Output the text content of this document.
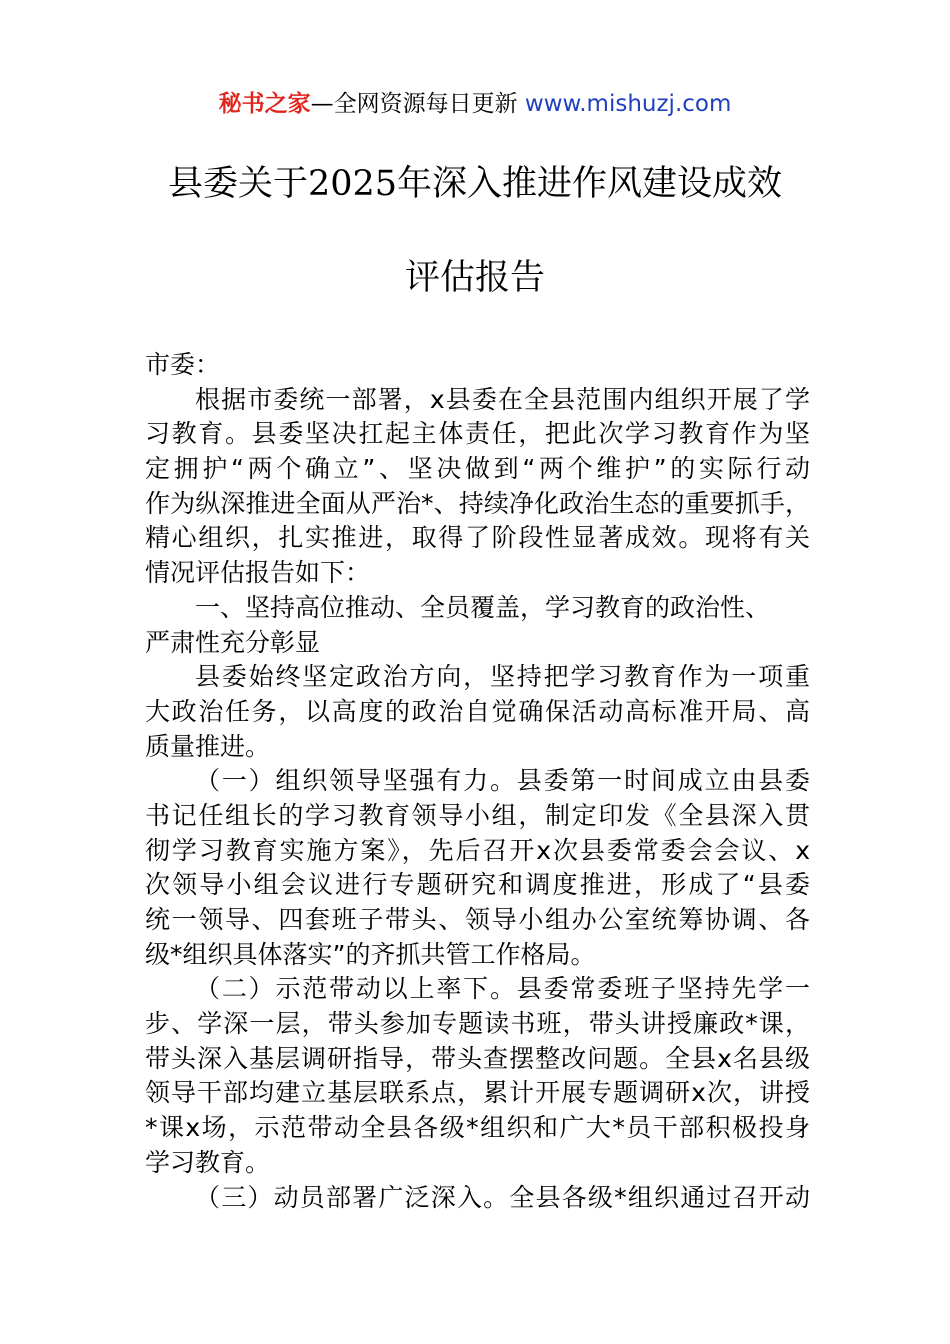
秘书之家—全网资源每日更新 www.mishuzj.com
县委关于2025年深入推进作风建设成效
评估报告
市委：
根据市委统一部署，x县委在全县范围内组织开展了学
习教育。县委坚决扛起主体责任，把此次学习教育作为坚
定拥护“两个确立”、坚决做到“两个维护”的实际行动
作为纵深推进全面从严治*、持续净化政治生态的重要抓手，
精心组织，扎实推进，取得了阶段性显著成效。现将有关
情况评估报告如下：
一、坚持高位推动、全员覆盖，学习教育的政治性、
严肃性充分彰显
县委始终坚定政治方向，坚持把学习教育作为一项重
大政治任务，以高度的政治自觉确保活动高标准开局、高
质量推进。
（一）组织领导坚强有力。县委第一时间成立由县委
书记任组长的学习教育领导小组，制定印发《全县深入贯
彻学习教育实施方案》，先后召开x次县委常委会会议、x
次领导小组会议进行专题研究和调度推进，形成了“县委
统一领导、四套班子带头、领导小组办公室统筹协调、各
级*组织具体落实”的齐抓共管工作格局。
（二）示范带动以上率下。县委常委班子坚持先学一
步、学深一层，带头参加专题读书班，带头讲授廉政*课，
带头深入基层调研指导，带头查摆整改问题。全县x名县级
领导干部均建立基层联系点，累计开展专题调研x次，讲授
*课x场，示范带动全县各级*组织和广大*员干部积极投身
学习教育。
（三）动员部署广泛深入。全县各级*组织通过召开动
